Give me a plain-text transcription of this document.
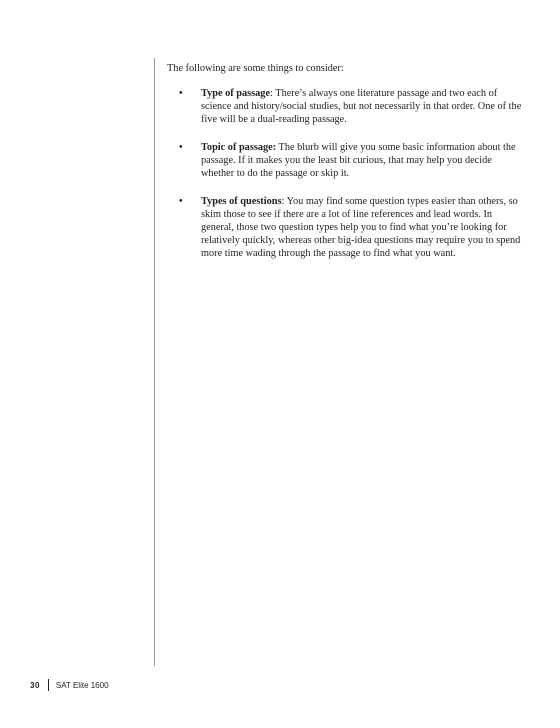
The following are some things to consider:

• Type of passage: There’s always one literature passage and two each of science and history/social studies, but not necessarily in that order. One of the five will be a dual-reading passage.
• Topic of passage: The blurb will give you some basic information about the passage. If it makes you the least bit curious, that may help you decide whether to do the passage or skip it.
• Types of questions: You may find some question types easier than others, so skim those to see if there are a lot of line references and lead words. In general, those two question types help you to find what you’re looking for relatively quickly, whereas other big-idea questions may require you to spend more time wading through the passage to find what you want.
30 SAT Elite 1600
